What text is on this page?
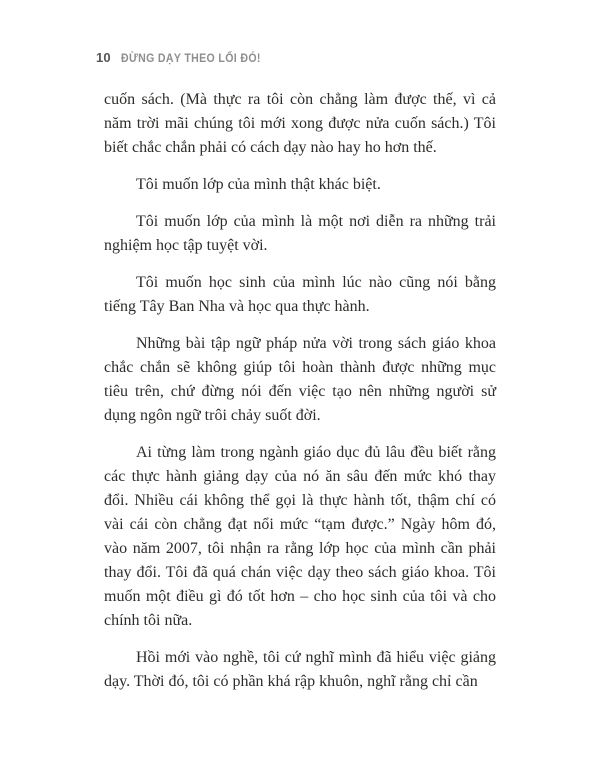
10 ĐỪNG DẠY THEO LỐI ĐÓ!

cuốn sách. (Mà thực ra tôi còn chẳng làm được thế, vì cả
năm trời mãi chúng tôi mới xong được nửa cuốn sách.) Tôi
biết chắc chắn phải có cách dạy nào hay ho hơn thế.

Tôi muốn lớp của mình thật khác biệt.

Tôi muốn lớp của mình là một nơi diễn ra những trải
nghiệm học tập tuyệt vời.

Tôi muốn học sinh của mình lúc nào cũng nói bằng
tiếng Tây Ban Nha và học qua thực hành.

Những bài tập ngữ pháp nửa vời trong sách giáo khoa
chắc chắn sẽ không giúp tôi hoàn thành được những mục
tiêu trên, chứ đừng nói đến việc tạo nên những người sử
dụng ngôn ngữ trôi chảy suốt đời.

Ai từng làm trong ngành giáo dục đủ lâu đều biết rằng
các thực hành giảng dạy của nó ăn sâu đến mức khó thay
đổi. Nhiều cái không thể gọi là thực hành tốt, thậm chí có
vài cái còn chẳng đạt nổi mức “tạm được.” Ngày hôm đó,
vào năm 2007, tôi nhận ra rằng lớp học của mình cần phải
thay đổi. Tôi đã quá chán việc dạy theo sách giáo khoa. Tôi
muốn một điều gì đó tốt hơn – cho học sinh của tôi và cho
chính tôi nữa.

Hồi mới vào nghề, tôi cứ nghĩ mình đã hiểu việc giảng
dạy. Thời đó, tôi có phần khá rập khuôn, nghĩ rằng chỉ cần
